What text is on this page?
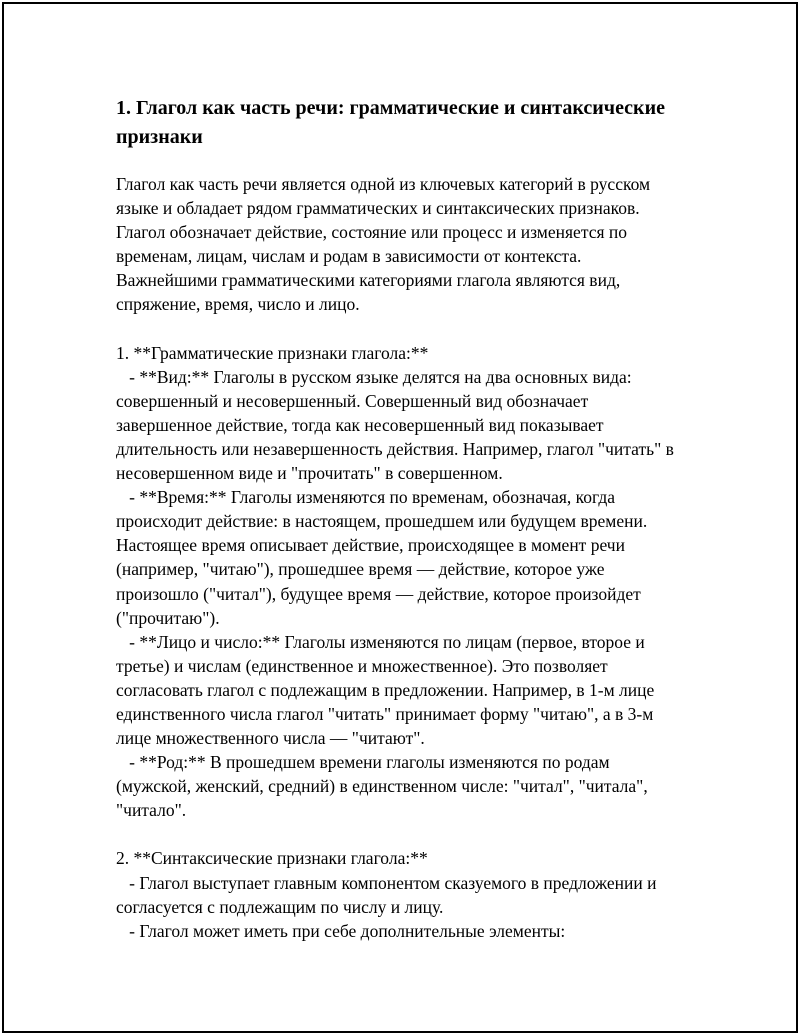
1. Глагол как часть речи: грамматические и синтаксические признаки

Глагол как часть речи является одной из ключевых категорий в русском языке и обладает рядом грамматических и синтаксических признаков. Глагол обозначает действие, состояние или процесс и изменяется по временам, лицам, числам и родам в зависимости от контекста. Важнейшими грамматическими категориями глагола являются вид, спряжение, время, число и лицо.

1. **Грамматические признаки глагола:**

- **Вид:** Глаголы в русском языке делятся на два основных вида: совершенный и несовершенный. Совершенный вид обозначает завершенное действие, тогда как несовершенный вид показывает длительность или незавершенность действия. Например, глагол "читать" в несовершенном виде и "прочитать" в совершенном.

- **Время:** Глаголы изменяются по временам, обозначая, когда происходит действие: в настоящем, прошедшем или будущем времени. Настоящее время описывает действие, происходящее в момент речи (например, "читаю"), прошедшее время — действие, которое уже произошло ("читал"), будущее время — действие, которое произойдет ("прочитаю").

- **Лицо и число:** Глаголы изменяются по лицам (первое, второе и третье) и числам (единственное и множественное). Это позволяет согласовать глагол с подлежащим в предложении. Например, в 1-м лице единственного числа глагол "читать" принимает форму "читаю", а в 3-м лице множественного числа — "читают".

- **Род:** В прошедшем времени глаголы изменяются по родам (мужской, женский, средний) в единственном числе: "читал", "читала", "читало".

2. **Синтаксические признаки глагола:**

- Глагол выступает главным компонентом сказуемого в предложении и согласуется с подлежащим по числу и лицу.

- Глагол может иметь при себе дополнительные элементы:
